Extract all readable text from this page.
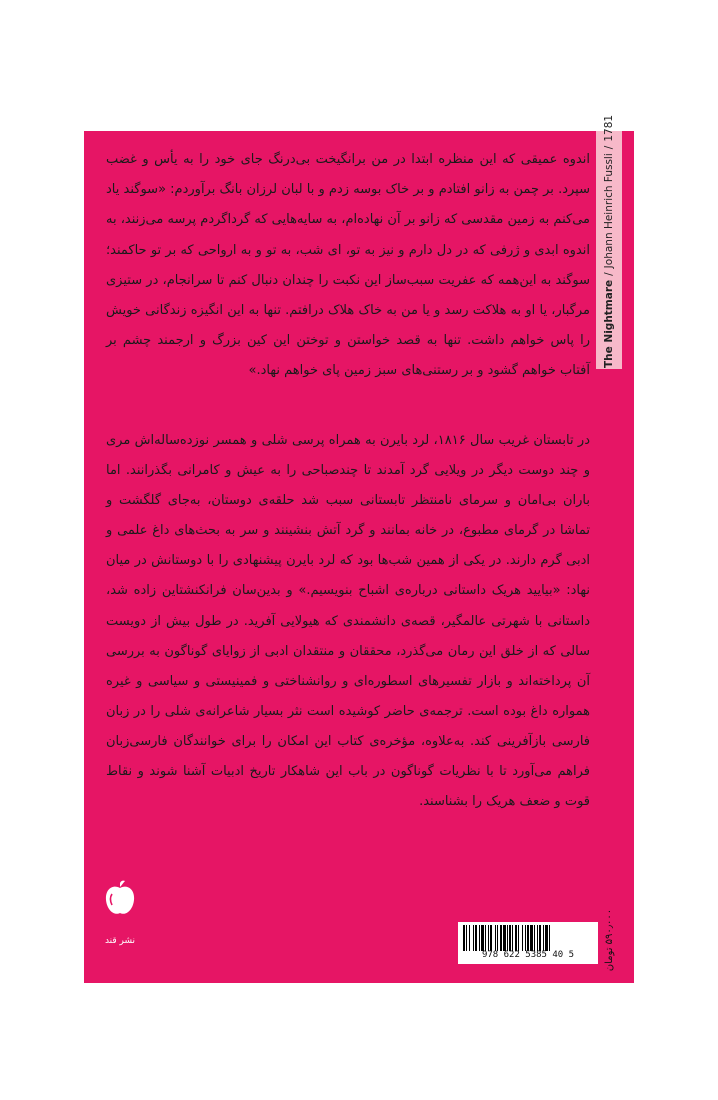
The Nightmare/Johann Heinrich Fussli/1781

اندوه عمیقی که این منظره ابتدا در من برانگیخت بی‌درنگ جای خود را به یأس و غضب سپرد. بر چمن به زانو افتادم و بر خاک بوسه زدم و با لبان لرزان بانگ برآوردم: «سوگند یاد می‌کنم به زمین مقدسی که زانو بر آن نهاده‌ام، به سایه‌هایی که گرداگردم پرسه می‌زنند، به اندوه ابدی و ژرفی که در دل دارم و نیز به تو، ای شب، به تو و به ارواحی که بر تو حاکمند؛ سوگند به این‌همه که عفریت سبب‌ساز این نکبت را چندان دنبال کنم تا سرانجام، در ستیزی مرگبار، یا او به هلاکت رسد و یا من به خاک هلاک درافتم. تنها به این انگیزه زندگانی خویش را پاس خواهم داشت. تنها به قصد خواستن و توختن این کین بزرگ و ارجمند چشم بر آفتاب خواهم گشود و بر رستنی‌های سبز زمین پای خواهم نهاد.»

در تابستان غریب سال ۱۸۱۶، لرد بایرن به همراه پرسی شلی و همسر نوزده‌ساله‌اش مری و چند دوست دیگر در ویلایی گرد آمدند تا چندصباحی را به عیش و کامرانی بگذرانند. اما باران بی‌امان و سرمای نامنتظر تابستانی سبب شد حلقه‌ی دوستان، به‌جای گلگشت و تماشا در گرمای مطبوع، در خانه بمانند و گرد آتش بنشینند و سر به بحث‌های داغ علمی و ادبی گرم دارند. در یکی از همین شب‌ها بود که لرد بایرن پیشنهادی را با دوستانش در میان نهاد: «بیایید هریک داستانی درباره‌ی اشباح بنویسیم.» و بدین‌سان فرانکنشتاین زاده شد، داستانی با شهرتی عالمگیر، قصه‌ی دانشمندی که هیولایی آفرید. در طول بیش از دویست سالی که از خلق این رمان می‌گذرد، محققان و منتقدان ادبی از زوایای گوناگون به بررسی آن پرداخته‌اند و بازار تفسیرهای اسطوره‌ای و روانشناختی و فمینیستی و سیاسی و غیره همواره داغ بوده است. ترجمه‌ی حاضر کوشیده است نثر بسیار شاعرانه‌ی شلی را در زبان فارسی بازآفرینی کند. به‌علاوه، مؤخره‌ی کتاب این امکان را برای خوانندگان فارسی‌زبان فراهم می‌آورد تا با نظریات گوناگون در باب این شاهکار تاریخ ادبیات آشنا شوند و نقاط قوت و ضعف هریک را بشناسند.

نشر قند
978 622 5385 40 5	۵۹۰٫۰۰۰ تومان
